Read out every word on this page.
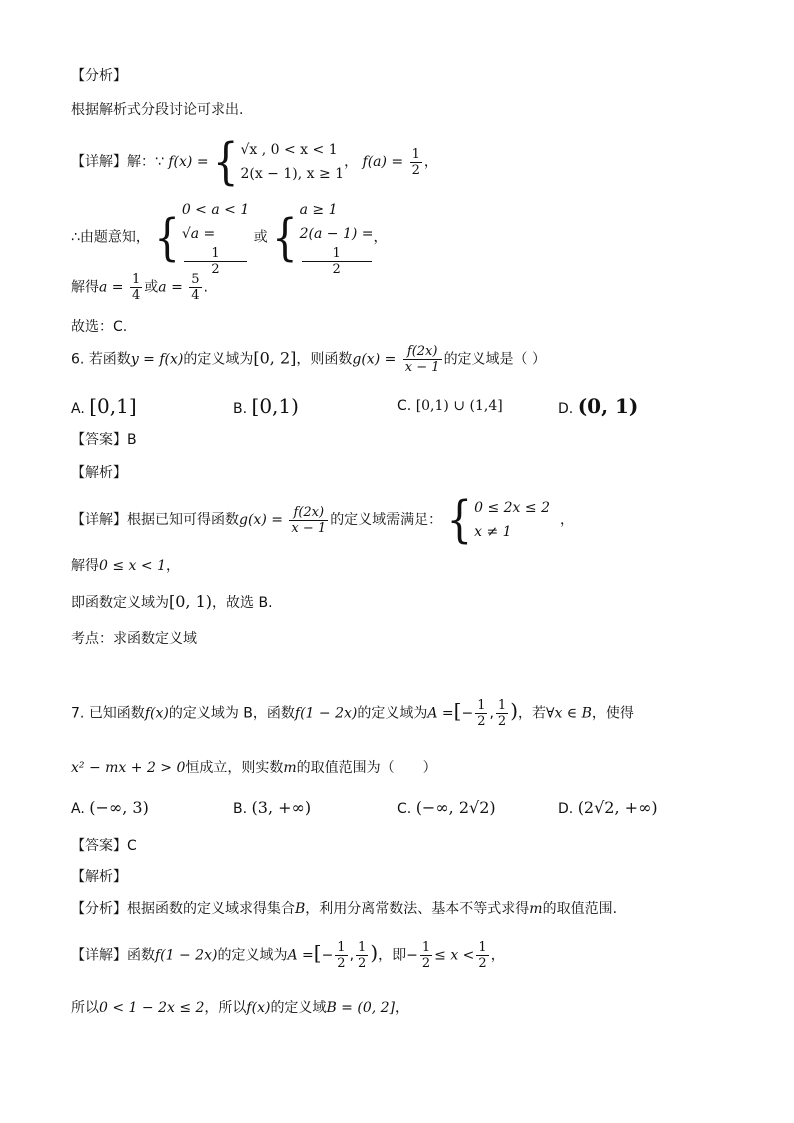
【分析】
根据解析式分段讨论可求出.
【详解】解：∵ f(x) = { √x , 0 < x < 1
2(x − 1), x ≥ 1
， $f(a) = \frac{1}{2}$ ，
∴由题意知， { 0 < a < 1
√a =
1
2
或 { a ≥ 1
2(a − 1) =
1
2
，
解得$a = \frac{1}{4}$ 或$a = \frac{5}{4}$ .
故选：C.
6. 若函数y = f(x)的定义域为[0, 2]，则函数$g(x) = \frac{f(2x)}{x - 1}$ 的定义域是（ ）
A. [0,1]	B. [0,1)	C. [0,1) ∪ (1,4]	D. (0, 1)
【答案】B
【解析】
【详解】根据已知可得函数$g(x) = \frac{f(2x)}{x - 1}$ 的定义域需满足： { 0 ≤ 2x ≤ 2
x ≠ 1
，
解得0 ≤ x < 1，
即函数定义域为[0, 1)，故选 B.
考点：求函数定义域
7. 已知函数f(x)的定义域为 B，函数f(1 − 2x)的定义域为A =[− $\frac{1}{2}$ , $\frac{1}{2}$ )，若∀x ∈ B，使得
x² − mx + 2 > 0恒成立，则实数m的取值范围为（　　）
A. (−∞, 3)	B. (3, +∞)	C. (−∞, 2√2)	D. (2√2, +∞)
【答案】C
【解析】
【分析】根据函数的定义域求得集合B，利用分离常数法、基本不等式求得m的取值范围.
【详解】函数f(1 − 2x)的定义域为A =[− $\frac{1}{2}$ , $\frac{1}{2}$ )，即− $\frac{1}{2} \le x < \frac{1}{2}$ ，
所以0 < 1 − 2x ≤ 2，所以f(x)的定义域B = (0, 2]，
